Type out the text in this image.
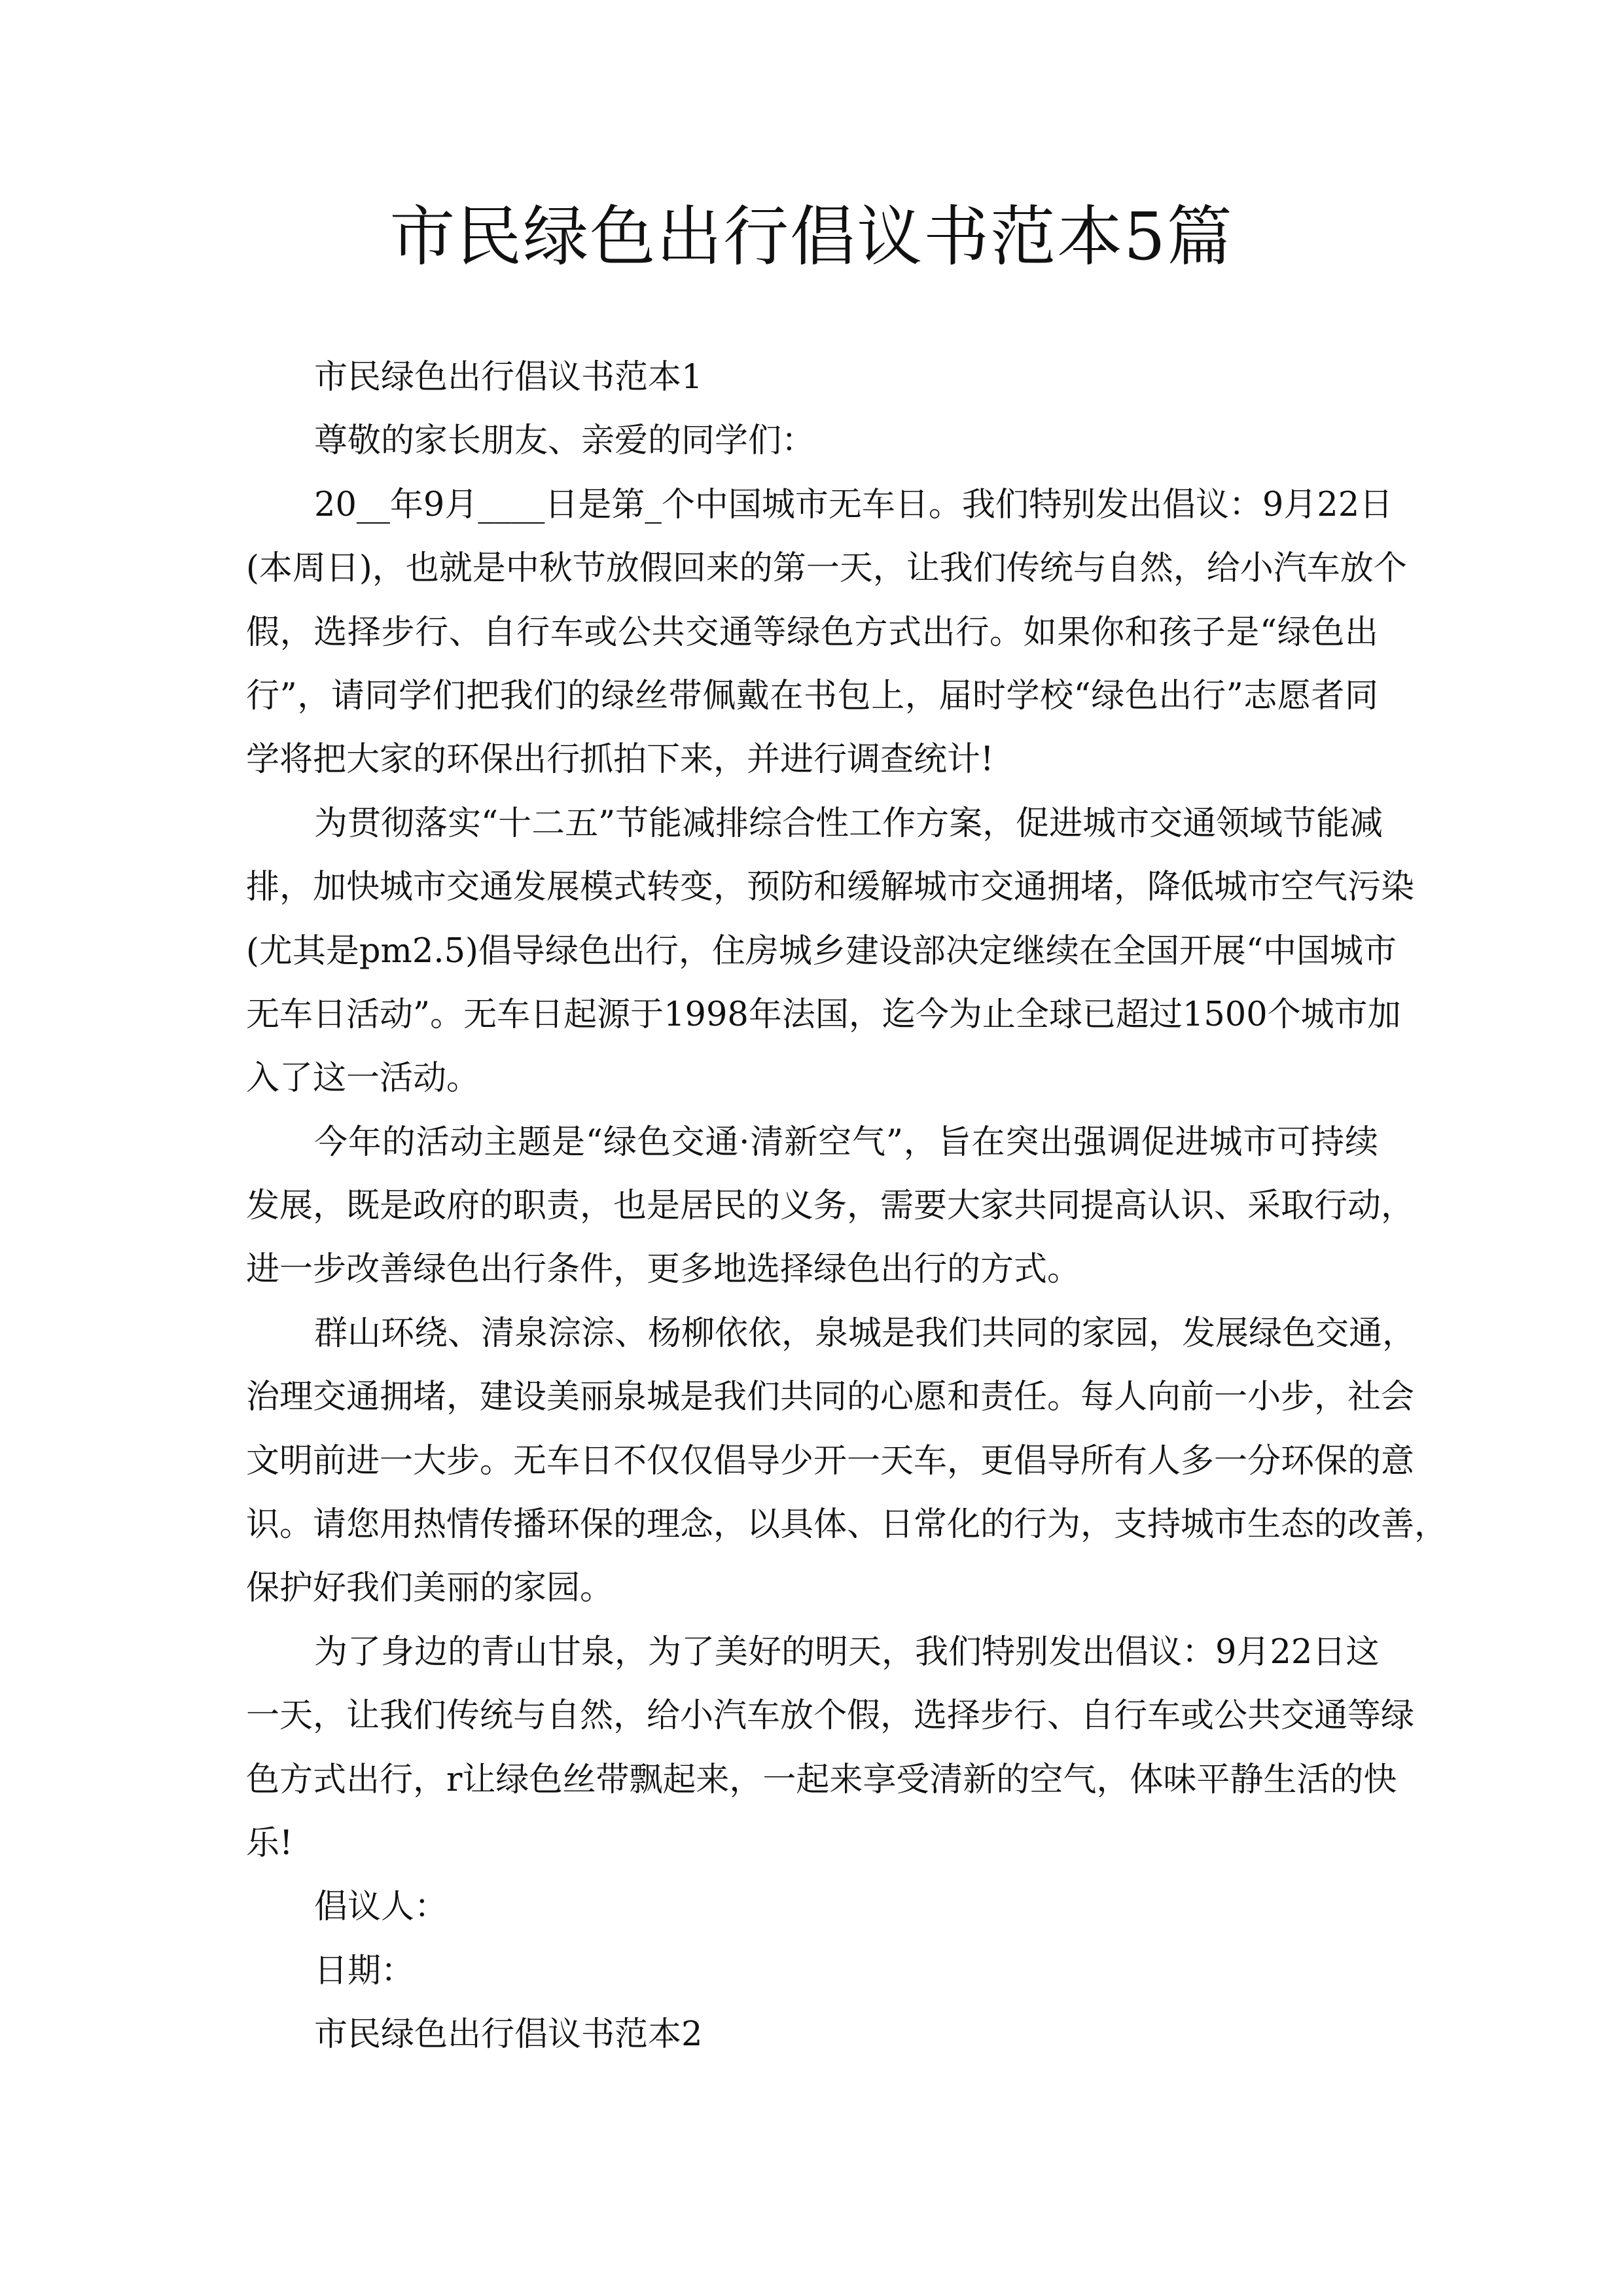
市民绿色出行倡议书范本5篇
市民绿色出行倡议书范本1
尊敬的家长朋友、亲爱的同学们：
20__年9月____日是第_个中国城市无车日。我们特别发出倡议：9月22日
(本周日)，也就是中秋节放假回来的第一天，让我们传统与自然，给小汽车放个
假，选择步行、自行车或公共交通等绿色方式出行。如果你和孩子是“绿色出
行”，请同学们把我们的绿丝带佩戴在书包上，届时学校“绿色出行”志愿者同
学将把大家的环保出行抓拍下来，并进行调查统计!
为贯彻落实“十二五”节能减排综合性工作方案，促进城市交通领域节能减
排，加快城市交通发展模式转变，预防和缓解城市交通拥堵，降低城市空气污染
(尤其是pm2.5)倡导绿色出行，住房城乡建设部决定继续在全国开展“中国城市
无车日活动”。无车日起源于1998年法国，迄今为止全球已超过1500个城市加
入了这一活动。
今年的活动主题是“绿色交通·清新空气”，旨在突出强调促进城市可持续
发展，既是政府的职责，也是居民的义务，需要大家共同提高认识、采取行动，
进一步改善绿色出行条件，更多地选择绿色出行的方式。
群山环绕、清泉淙淙、杨柳依依，泉城是我们共同的家园，发展绿色交通，
治理交通拥堵，建设美丽泉城是我们共同的心愿和责任。每人向前一小步，社会
文明前进一大步。无车日不仅仅倡导少开一天车，更倡导所有人多一分环保的意
识。请您用热情传播环保的理念，以具体、日常化的行为，支持城市生态的改善，
保护好我们美丽的家园。
为了身边的青山甘泉，为了美好的明天，我们特别发出倡议：9月22日这
一天，让我们传统与自然，给小汽车放个假，选择步行、自行车或公共交通等绿
色方式出行，r让绿色丝带飘起来，一起来享受清新的空气，体味平静生活的快
乐!
倡议人：
日期：
市民绿色出行倡议书范本2
